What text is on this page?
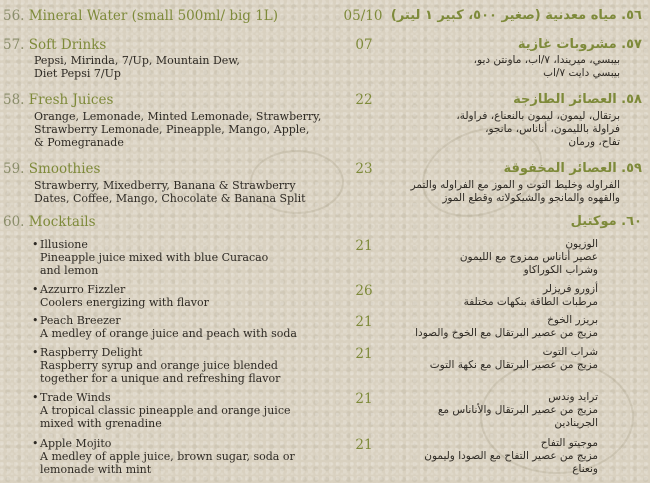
56. Mineral Water (small 500ml/ big 1L)	05/10
57. Soft Drinks
Pepsi, Mirinda, 7/Up, Mountain Dew,
Diet Pepsi 7/Up
07
58. Fresh Juices
Orange, Lemonade, Minted Lemonade, Strawberry,
Strawberry Lemonade, Pineapple, Mango, Apple,
& Pomegranade
22
59. Smoothies
Strawberry, Mixedberry, Banana & Strawberry
Dates, Coffee, Mango, Chocolate & Banana Split
23
60. Mocktails
• Illusione
Pineapple juice mixed with blue Curacao
and lemon
• Azzurro Fizzler
Coolers energizing with flavor
• Peach Breezer
A medley of orange juice and peach with soda
• Raspberry Delight
Raspberry syrup and orange juice blended
together for a unique and refreshing flavor
• Trade Winds
A tropical classic pineapple and orange juice
mixed with grenadine
• Apple Mojito
A medley of apple juice, brown sugar, soda or
lemonade with mint
21
26
21
21
21
21
٥٦. مياه معدنية (صغير ٥٠٠، كبير ١ ليتر)
٥٧. مشروبات غازية
بيبسي، ميريندا، ٧/اب، ماونتن ديو،
بيبسي دايت ٧/اب
٥٨. العصائر الطازجة
برتقال، ليمون، ليمون بالنعناع، فراولة،
فراولة بالليمون، أناناس، مانجو،
تفاح، ورمان
٥٩. العصائر المخفوقة
الفراوله وخليط التوت و الموز مع الفراوله والتمر
والقهوه والمانجو والشيكولاته وقطع الموز
٦٠. موكتيل
الوزيون
عصير أناناس ممزوج مع الليمون
وشراب الكوراكاو
أزورو فريزلر
مرطبات الطاقة بنكهات مختلفة
بريزر الخوخ
مزيج من عصير البرتقال مع الخوخ والصودا
شراب التوت
مزيج من عصير البرتقال مع نكهة التوت
ترايد وندس
مزيج من عصير البرتقال والأناناس مع
الجرينادين
موجيتو التفاح
مزيج من عصير التفاح مع الصودا وليمون
ونعناع
